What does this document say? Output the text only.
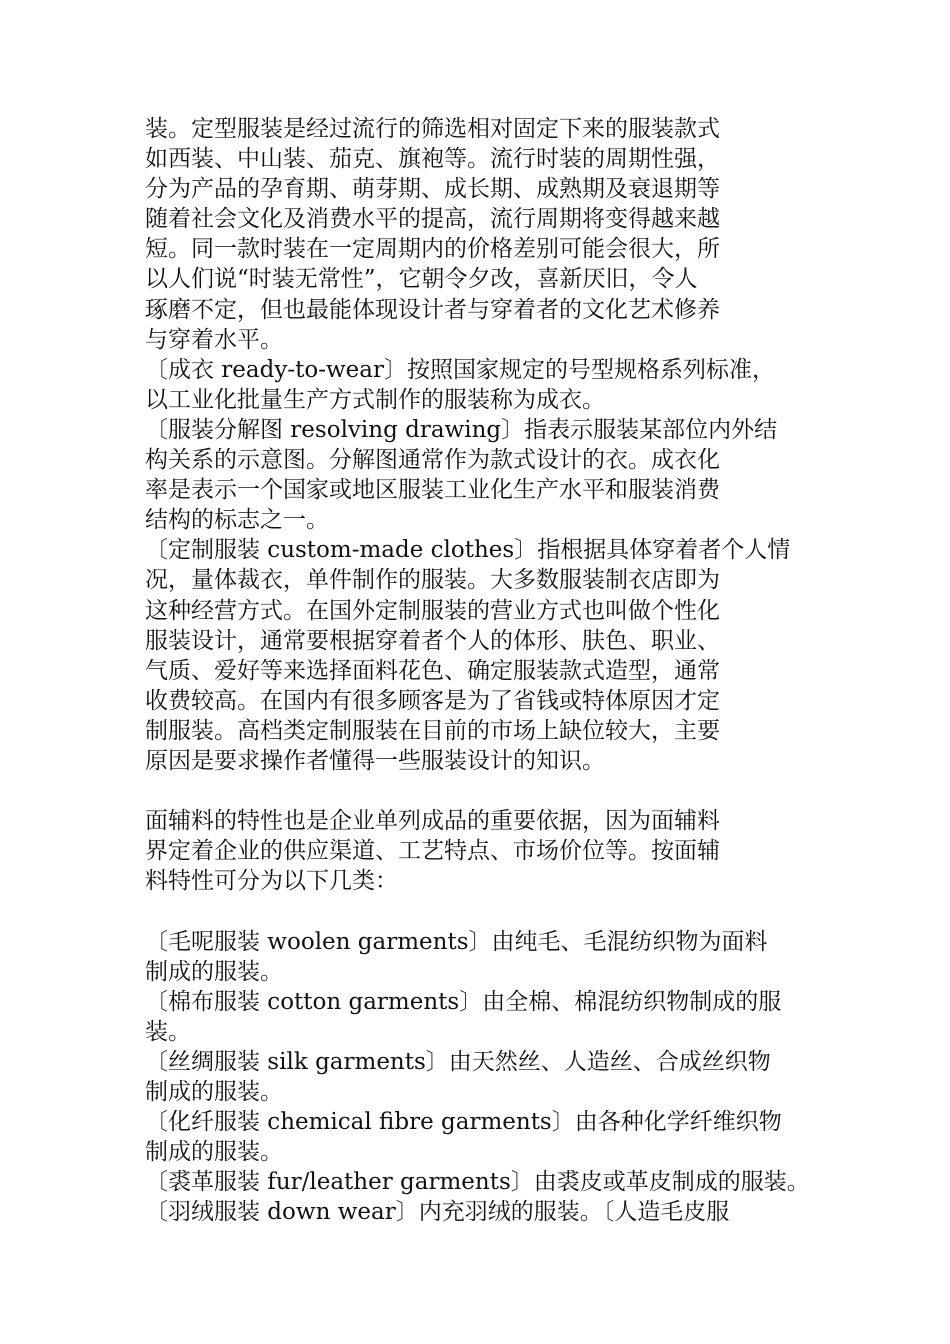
装。定型服装是经过流行的筛选相对固定下来的服装款式
如西装、中山装、茄克、旗袍等。流行时装的周期性强，
分为产品的孕育期、萌芽期、成长期、成熟期及衰退期等
随着社会文化及消费水平的提高，流行周期将变得越来越
短。同一款时装在一定周期内的价格差别可能会很大，所
以人们说“时装无常性”，它朝令夕改，喜新厌旧，令人
琢磨不定，但也最能体现设计者与穿着者的文化艺术修养
与穿着水平。
〔成衣 ready-to-wear〕按照国家规定的号型规格系列标准，
以工业化批量生产方式制作的服装称为成衣。
〔服装分解图 resolving drawing〕指表示服装某部位内外结
构关系的示意图。分解图通常作为款式设计的衣。成衣化
率是表示一个国家或地区服装工业化生产水平和服装消费
结构的标志之一。
〔定制服装 custom-made clothes〕指根据具体穿着者个人情
况，量体裁衣，单件制作的服装。大多数服装制衣店即为
这种经营方式。在国外定制服装的营业方式也叫做个性化
服装设计，通常要根据穿着者个人的体形、肤色、职业、
气质、爱好等来选择面料花色、确定服装款式造型，通常
收费较高。在国内有很多顾客是为了省钱或特体原因才定
制服装。高档类定制服装在目前的市场上缺位较大，主要
原因是要求操作者懂得一些服装设计的知识。
面辅料的特性也是企业单列成品的重要依据，因为面辅料
界定着企业的供应渠道、工艺特点、市场价位等。按面辅
料特性可分为以下几类：
〔毛呢服装 woolen garments〕由纯毛、毛混纺织物为面料
制成的服装。
〔棉布服装 cotton garments〕由全棉、棉混纺织物制成的服
装。
〔丝绸服装 silk garments〕由天然丝、人造丝、合成丝织物
制成的服装。
〔化纤服装 chemical fibre garments〕由各种化学纤维织物
制成的服装。
〔裘革服装 fur/leather garments〕由裘皮或革皮制成的服装。
〔羽绒服装 down wear〕内充羽绒的服装。〔人造毛皮服
